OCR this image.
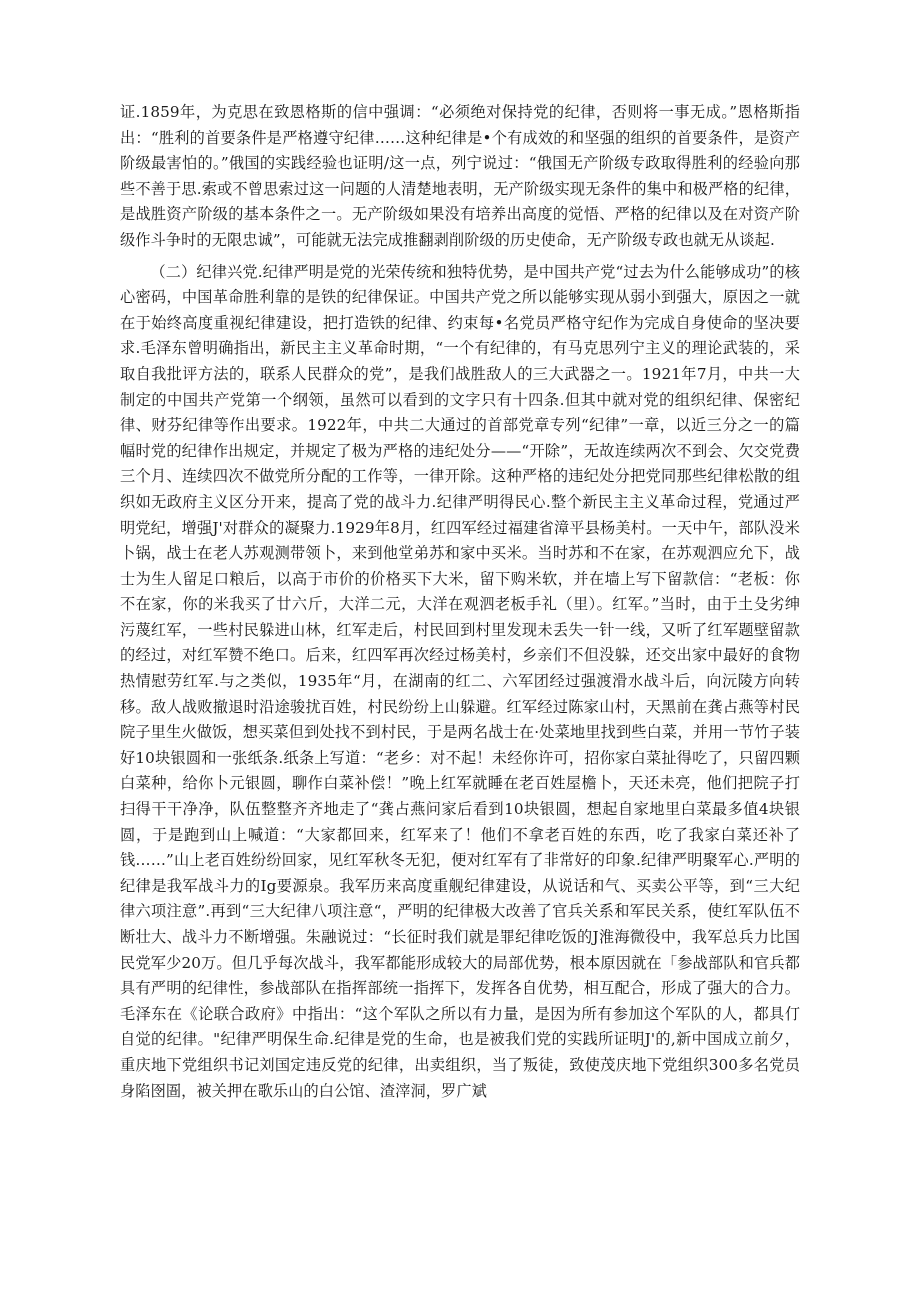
证.1859年，为克思在致恩格斯的信中强调：“必须绝对保持党的纪律，否则将一事无成。”恩格斯指出：“胜利的首要条件是严格遵守纪律……这种纪律是•个有成效的和坚强的组织的首要条件，是资产阶级最害怕的。”俄国的实践经验也证明/这一点，列宁说过：“俄国无产阶级专政取得胜利的经验向那些不善于思.索或不曾思索过这一问题的人清楚地表明，无产阶级实现无条件的集中和极严格的纪律，是战胜资产阶级的基本条件之一。无产阶级如果没有培养出高度的觉悟、严格的纪律以及在对资产阶级作斗争时的无限忠诚”，可能就无法完成推翻剥削阶级的历史使命，无产阶级专政也就无从谈起.

（二）纪律兴党.纪律严明是党的光荣传统和独特优势，是中国共产党“过去为什么能够成功”的核心密码，中国革命胜利靠的是铁的纪律保证。中国共产党之所以能够实现从弱小到强大，原因之一就在于始终高度重视纪律建设，把打造铁的纪律、约束每•名党员严格守纪作为完成自身使命的坚决要求.毛泽东曾明确指出，新民主主义革命时期，“一个有纪律的，有马克思列宁主义的理论武装的，采取自我批评方法的，联系人民群众的党”，是我们战胜敌人的三大武器之一。1921年7月，中共一大制定的中国共产党第一个纲领，虽然可以看到的文字只有十四条.但其中就对党的组织纪律、保密纪律、财芬纪律等作出要求。1922年，中共二大通过的首部党章专列“纪律”一章，以近三分之一的篇幅时党的纪律作出规定，并规定了极为严格的违纪处分——“开除”，无故连续两次不到会、欠交党费三个月、连续四次不做党所分配的工作等，一律开除。这种严格的违纪处分把党同那些纪律松散的组织如无政府主义区分开来，提高了党的战斗力.纪律严明得民心.整个新民主主义革命过程，党通过严明党纪，增强J'对群众的凝聚力.1929年8月，红四军经过福建省漳平县杨美村。一天中午，部队没米卜锅，战士在老人苏观测带领卜，来到他堂弟苏和家中买米。当时苏和不在家，在苏观泗应允下，战士为生人留足口粮后，以高于市价的价格买下大米，留下购米软，并在墙上写下留款信：“老板：你不在家，你的米我买了廿六斤，大洋二元，大洋在观泗老板手礼（里）。红军。”当时，由于土殳劣绅污蔑红军，一些村民躲进山林，红军走后，村民回到村里发现未丢失一针一线，又听了红军题壁留款的经过，对红军赞不绝口。后来，红四军再次经过杨美村，乡亲们不但没躲，还交出家中最好的食物热情慰劳红军.与之类似，1935年“月，在湖南的红二、六军团经过强渡滑水战斗后，向沅陵方向转移。敌人战败撤退时沿途骏扰百姓，村民纷纷上山躲避。红军经过陈家山村，天黑前在龚占燕等村民院子里生火做饭，想买菜但到处找不到村民，于是两名战士在·处菜地里找到些白菜，并用一节竹子装好10块银圆和一张纸条.纸条上写道：“老乡：对不起！未经你许可，招你家白菜扯得吃了，只留四颗白菜种，给你卜元银圆，聊作白菜补偿！”晚上红军就睡在老百姓屋檐卜，天还未亮，他们把院子打扫得干干净净，队伍整整齐齐地走了“龚占燕问家后看到10块银圆，想起自家地里白菜最多值4块银圆，于是跑到山上喊道：“大家都回来，红军来了！他们不拿老百姓的东西，吃了我家白菜还补了钱……”山上老百姓纷纷回家，见红军秋冬无犯，便对红军有了非常好的印象.纪律严明聚军心.严明的纪律是我军战斗力的Ig要源泉。我军历来高度重舰纪律建设，从说话和气、买卖公平等，到“三大纪律六项注意”.再到“三大纪律八项注意“，严明的纪律极大改善了官兵关系和军民关系，使红军队伍不断壮大、战斗力不断增强。朱融说过：“长征时我们就是罪纪律吃饭的J淮海微役中，我军总兵力比国民党军少20万。但几乎每次战斗，我军都能形成较大的局部优势，根本原因就在「参战部队和官兵都具有严明的纪律性，参战部队在指挥部统一指挥下，发挥各自优势，相互配合，形成了强大的合力。毛泽东在《论联合政府》中指出：“这个军队之所以有力量，是因为所有参加这个军队的人，都具仃自觉的纪律。"纪律严明保生命.纪律是党的生命，也是被我们党的实践所证明J'的,新中国成立前夕，重庆地下党组织书记刘国定违反党的纪律，出卖组织，当了叛徒，致使茂庆地下党组织300多名党员身陷囹圄，被关押在歌乐山的白公馆、渣滓洞，罗广斌
